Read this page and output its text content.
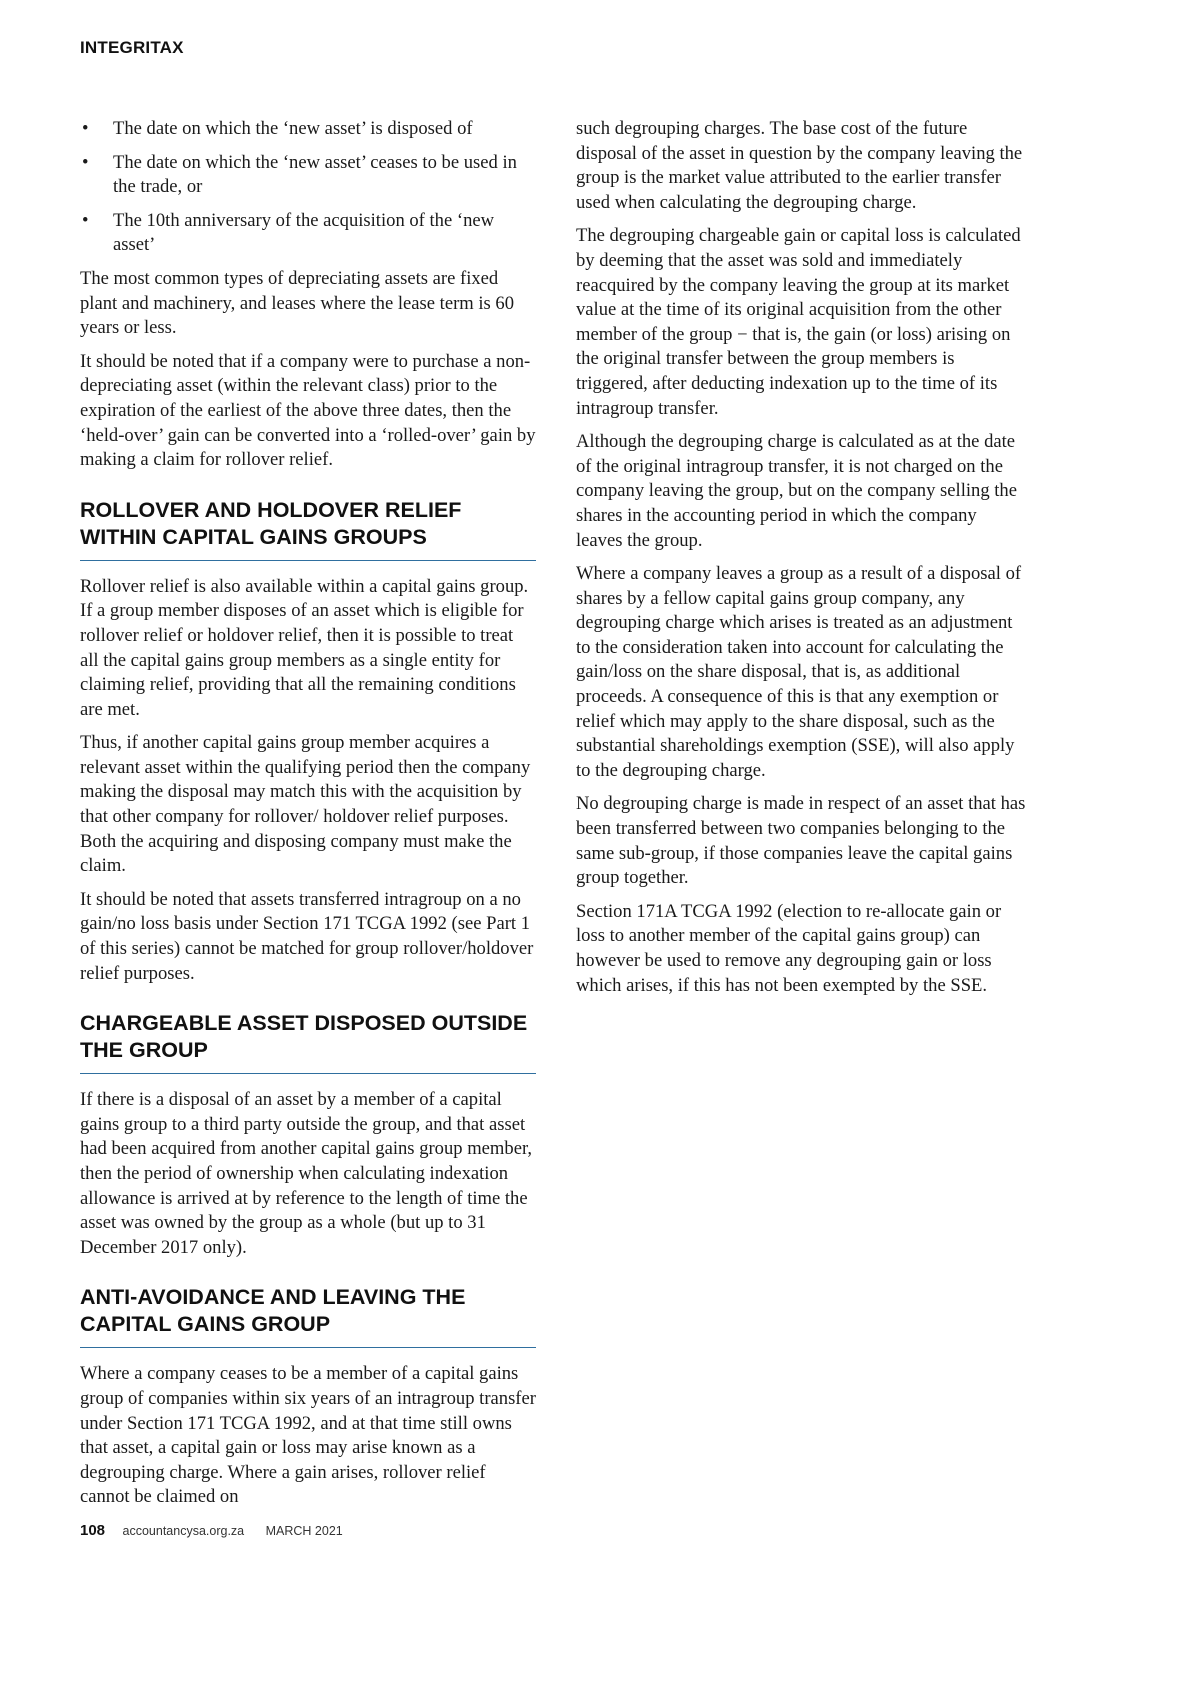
INTEGRITAX
• The date on which the ‘new asset’ is disposed of
• The date on which the ‘new asset’ ceases to be used in the trade, or
• The 10th anniversary of the acquisition of the ‘new asset’

The most common types of depreciating assets are fixed plant and machinery, and leases where the lease term is 60 years or less.

It should be noted that if a company were to purchase a non-depreciating asset (within the relevant class) prior to the expiration of the earliest of the above three dates, then the ‘held-over’ gain can be converted into a ‘rolled-over’ gain by making a claim for rollover relief.

ROLLOVER AND HOLDOVER RELIEF WITHIN CAPITAL GAINS GROUPS

Rollover relief is also available within a capital gains group. If a group member disposes of an asset which is eligible for rollover relief or holdover relief, then it is possible to treat all the capital gains group members as a single entity for claiming relief, providing that all the remaining conditions are met.

Thus, if another capital gains group member acquires a relevant asset within the qualifying period then the company making the disposal may match this with the acquisition by that other company for rollover/ holdover relief purposes. Both the acquiring and disposing company must make the claim.

It should be noted that assets transferred intragroup on a no gain/no loss basis under Section 171 TCGA 1992 (see Part 1 of this series) cannot be matched for group rollover/holdover relief purposes.

CHARGEABLE ASSET DISPOSED OUTSIDE THE GROUP

If there is a disposal of an asset by a member of a capital gains group to a third party outside the group, and that asset had been acquired from another capital gains group member, then the period of ownership when calculating indexation allowance is arrived at by reference to the length of time the asset was owned by the group as a whole (but up to 31 December 2017 only).

ANTI-AVOIDANCE AND LEAVING THE CAPITAL GAINS GROUP

Where a company ceases to be a member of a capital gains group of companies within six years of an intragroup transfer under Section 171 TCGA 1992, and at that time still owns that asset, a capital gain or loss may arise known as a degrouping charge. Where a gain arises, rollover relief cannot be claimed on

such degrouping charges. The base cost of the future disposal of the asset in question by the company leaving the group is the market value attributed to the earlier transfer used when calculating the degrouping charge.

The degrouping chargeable gain or capital loss is calculated by deeming that the asset was sold and immediately reacquired by the company leaving the group at its market value at the time of its original acquisition from the other member of the group − that is, the gain (or loss) arising on the original transfer between the group members is triggered, after deducting indexation up to the time of its intragroup transfer.

Although the degrouping charge is calculated as at the date of the original intragroup transfer, it is not charged on the company leaving the group, but on the company selling the shares in the accounting period in which the company leaves the group.

Where a company leaves a group as a result of a disposal of shares by a fellow capital gains group company, any degrouping charge which arises is treated as an adjustment to the consideration taken into account for calculating the gain/loss on the share disposal, that is, as additional proceeds. A consequence of this is that any exemption or relief which may apply to the share disposal, such as the substantial shareholdings exemption (SSE), will also apply to the degrouping charge.

No degrouping charge is made in respect of an asset that has been transferred between two companies belonging to the same sub-group, if those companies leave the capital gains group together.

Section 171A TCGA 1992 (election to re-allocate gain or loss to another member of the capital gains group) can however be used to remove any degrouping gain or loss which arises, if this has not been exempted by the SSE.

108 accountancysa.org.za MARCH 2021
